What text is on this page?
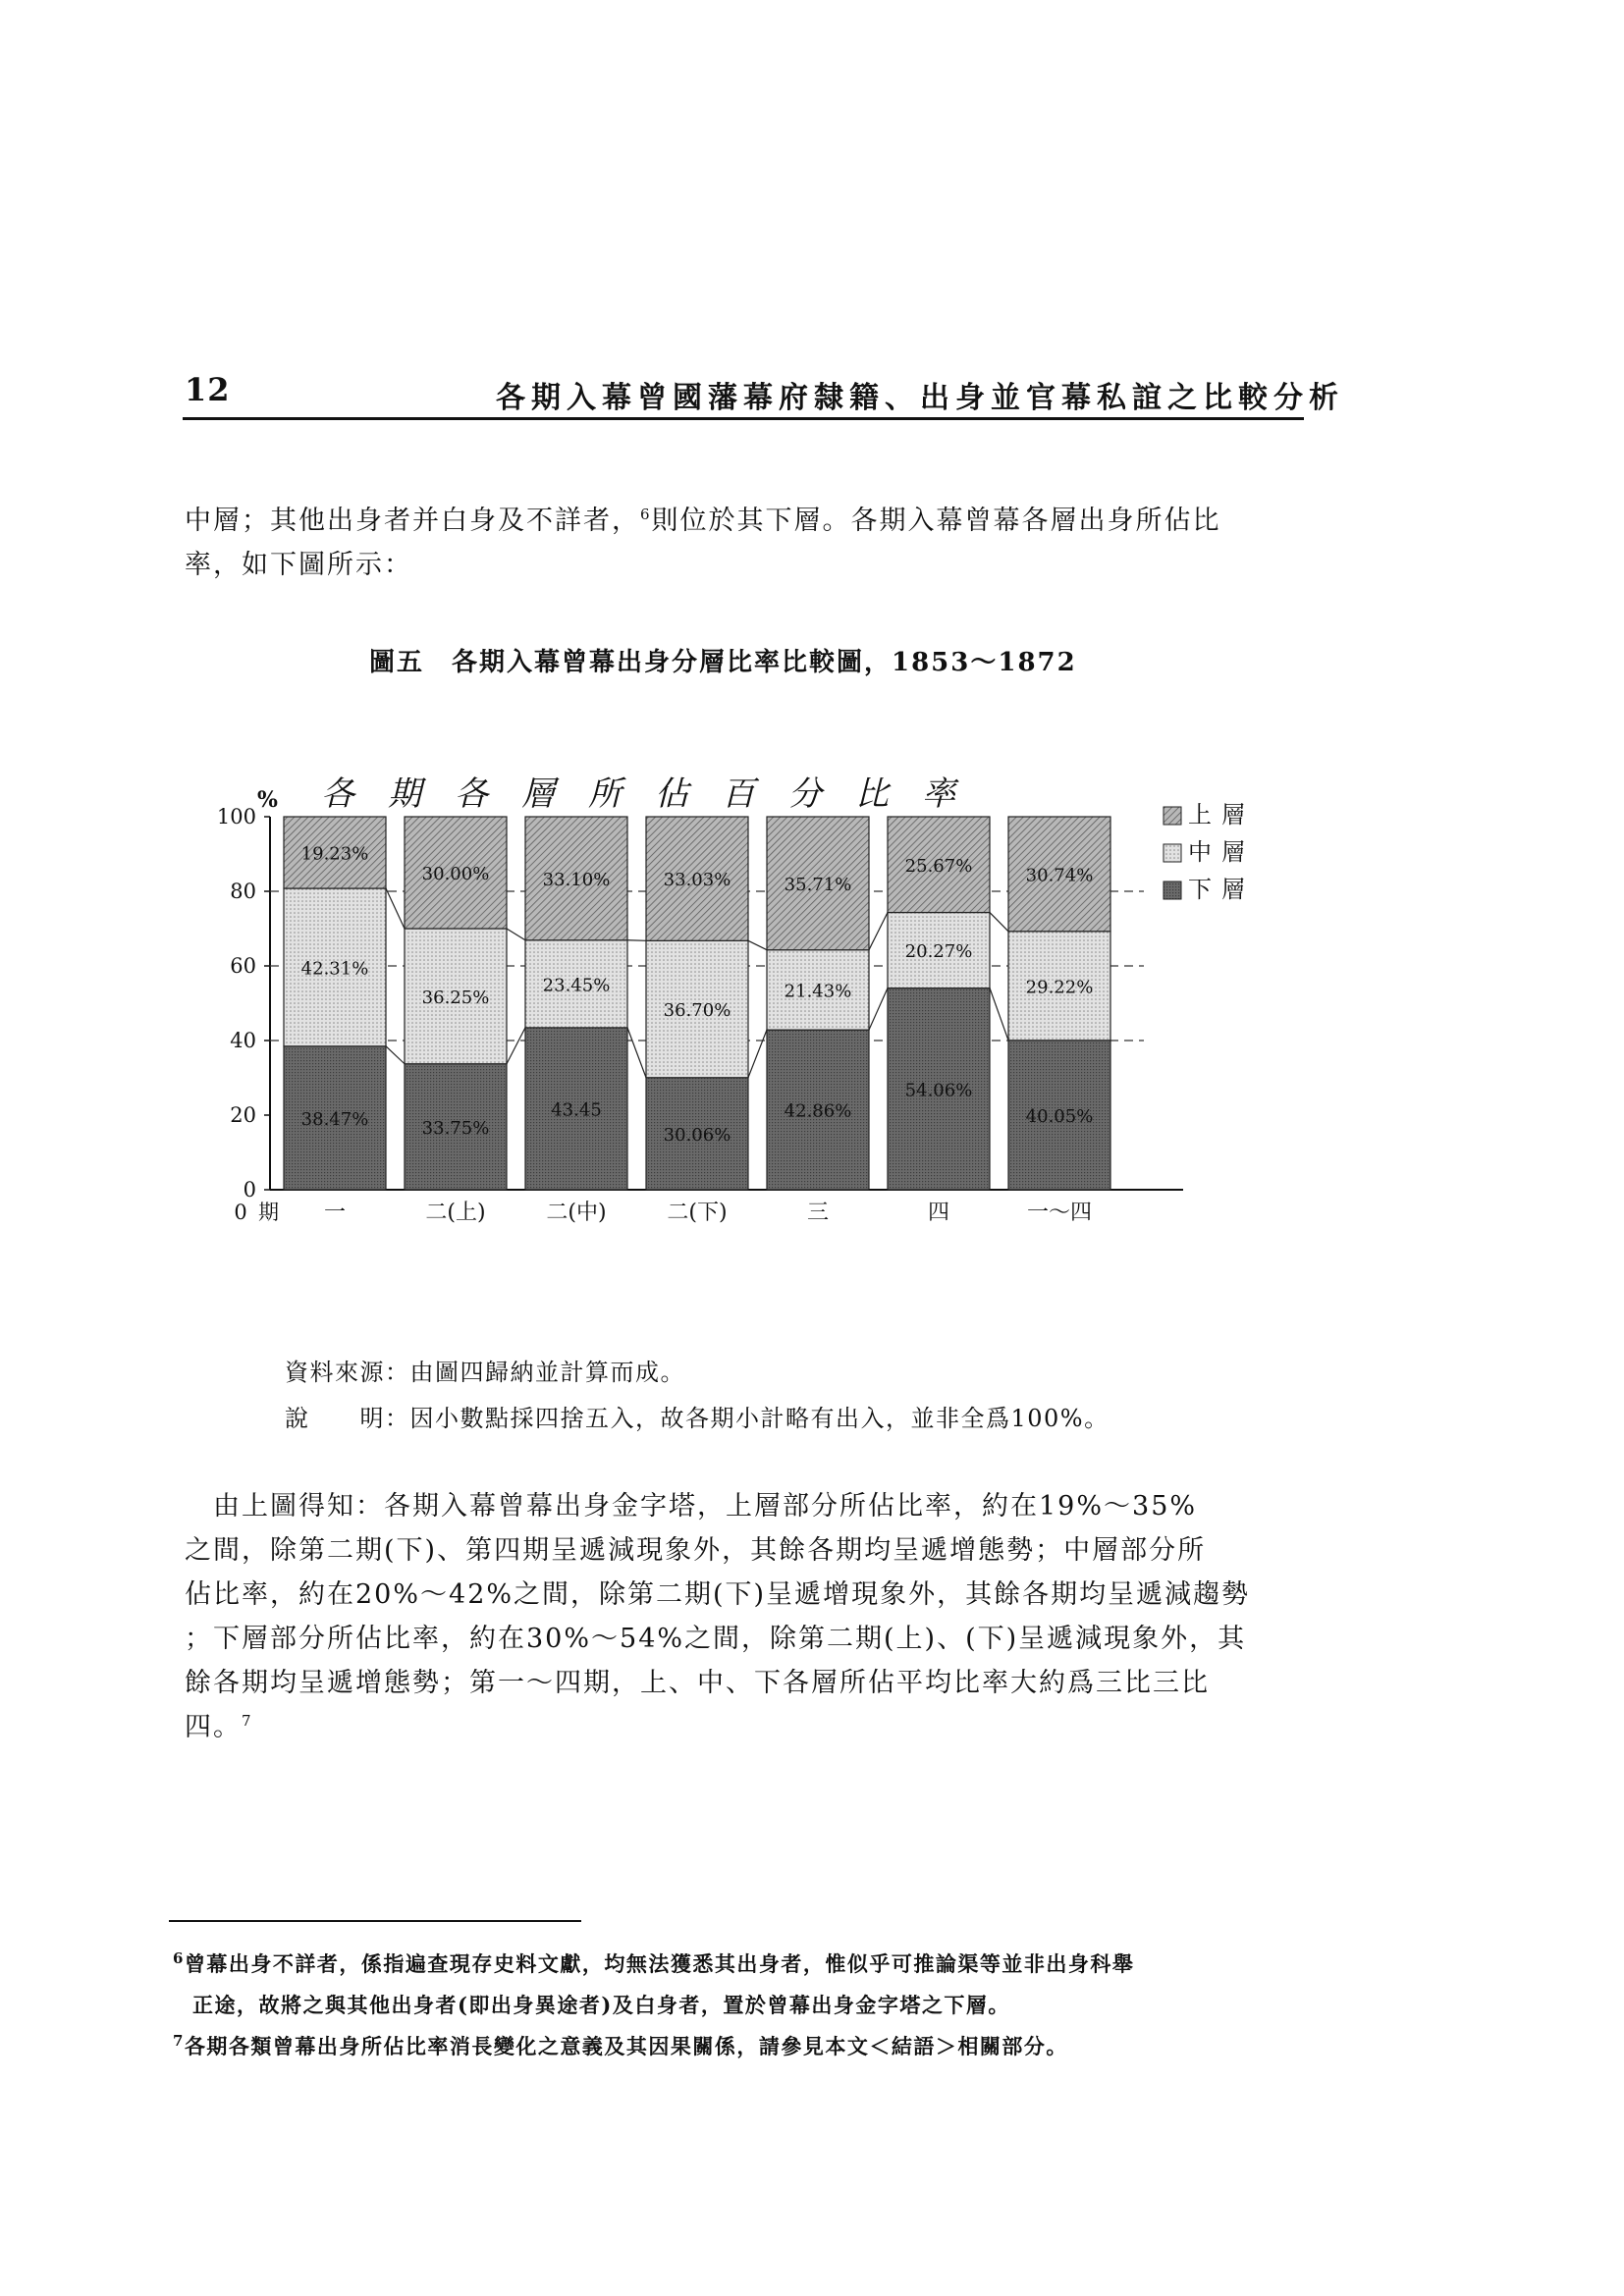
12	各期入幕曾國藩幕府隸籍、出身並官幕私誼之比較分析
中層；其他出身者并白身及不詳者，$^6$則位於其下層。各期入幕曾幕各層出身所佔比
率，如下圖所示：
圖五　各期入幕曾幕出身分層比率比較圖，1853～1872
% 各　期　各　層　所　佔　百　分　比　率
0
20
40
60
80
100
38.47%
42.31%
19.23%
33.75%
36.25%
30.00%
43.45
23.45%
33.10%
30.06%
36.70%
33.03%
42.86%
21.43%
35.71%
54.06%
20.27%
25.67%
40.05%
29.22%
30.74%
期
0	一	二(上)	二(中)	二(下)	三	四	一～四
上層
中層
下層
資料來源：由圖四歸納並計算而成。
說　　明：因小數點採四捨五入，故各期小計略有出入，並非全爲100%。
　由上圖得知：各期入幕曾幕出身金字塔，上層部分所佔比率，約在19%～35%
之間，除第二期(下)、第四期呈遞減現象外，其餘各期均呈遞增態勢；中層部分所
佔比率，約在20%～42%之間，除第二期(下)呈遞增現象外，其餘各期均呈遞減趨勢
；下層部分所佔比率，約在30%～54%之間，除第二期(上)、(下)呈遞減現象外，其
餘各期均呈遞增態勢；第一～四期，上、中、下各層所佔平均比率大約爲三比三比
四。$^7$
$^6$曾幕出身不詳者，係指遍查現存史料文獻，均無法獲悉其出身者，惟似乎可推論渠等並非出身科舉
正途，故將之與其他出身者(即出身異途者)及白身者，置於曾幕出身金字塔之下層。
$^7$各期各類曾幕出身所佔比率消長變化之意義及其因果關係，請參見本文＜結語＞相關部分。
